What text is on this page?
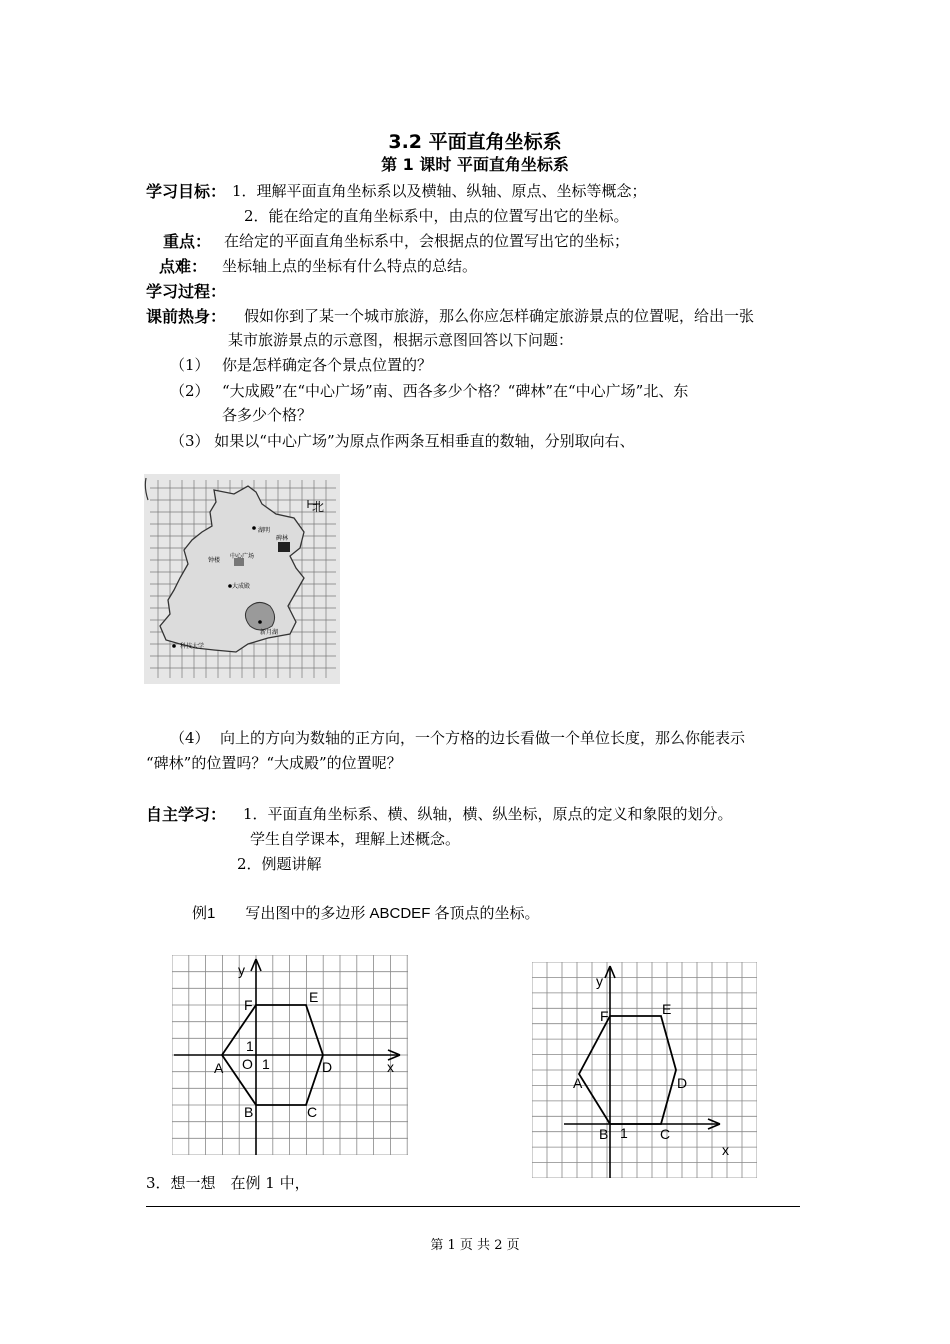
3.2 平面直角坐标系
第 1 课时 平面直角坐标系
学习目标： 1．理解平面直角坐标系以及横轴、纵轴、原点、坐标等概念；
2．能在给定的直角坐标系中，由点的位置写出它的坐标。
重点： 在给定的平面直角坐标系中，会根据点的位置写出它的坐标；
点难： 坐标轴上点的坐标有什么特点的总结。
学习过程：
课前热身： 假如你到了某一个城市旅游，那么你应怎样确定旅游景点的位置呢，给出一张
某市旅游景点的示意图，根据示意图回答以下问题：
（1） 你是怎样确定各个景点位置的？
（2） “大成殿”在“中心广场”南、西各多少个格？“碑林”在“中心广场”北、东
各多少个格？
（3） 如果以“中心广场”为原点作两条互相垂直的数轴，分别取向右、
北
湖明
碑林
钟楼
中心广场
大成殿
新月湖
科技大学
（4） 向上的方向为数轴的正方向，一个方格的边长看做一个单位长度，那么你能表示
“碑林”的位置吗？“大成殿”的位置呢？
自主学习： 1．平面直角坐标系、横、纵轴，横、纵坐标，原点的定义和象限的划分。
学生自学课本，理解上述概念。
2．例题讲解
例1　　写出图中的多边形 ABCDEF 各顶点的坐标。
y
x
O 1
1
A
B	C
D
E
F
y
x
1
A
B	C
D
E
F
3．想一想　在例 1 中，
第 1 页 共 2 页
